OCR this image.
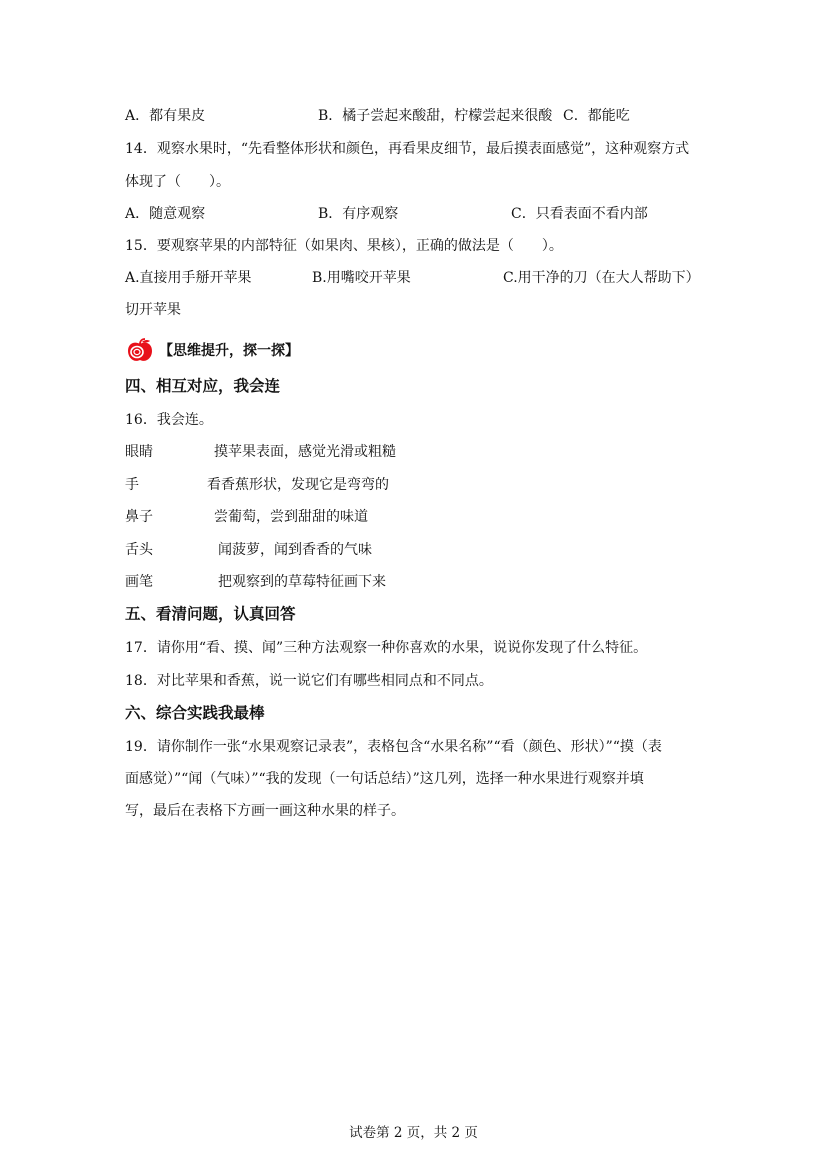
A．都有果皮	B．橘子尝起来酸甜，柠檬尝起来很酸 C．都能吃
14．观察水果时，“先看整体形状和颜色，再看果皮细节，最后摸表面感觉”，这种观察方式
体现了（　　）。
A．随意观察	B．有序观察	C．只看表面不看内部
15．要观察苹果的内部特征（如果肉、果核），正确的做法是（　　）。
A.直接用手掰开苹果	B.用嘴咬开苹果	C.用干净的刀（在大人帮助下）
切开苹果
【思维提升，探一探】
四、相互对应，我会连
16．我会连。
眼睛	摸苹果表面，感觉光滑或粗糙
手	看香蕉形状，发现它是弯弯的
鼻子	尝葡萄，尝到甜甜的味道
舌头	闻菠萝，闻到香香的气味
画笔	把观察到的草莓特征画下来
五、看清问题，认真回答
17．请你用“看、摸、闻”三种方法观察一种你喜欢的水果，说说你发现了什么特征。
18．对比苹果和香蕉，说一说它们有哪些相同点和不同点。
六、综合实践我最棒
19．请你制作一张“水果观察记录表”，表格包含“水果名称”“看（颜色、形状）”“摸（表
面感觉）”“闻（气味）”“我的发现（一句话总结）”这几列，选择一种水果进行观察并填
写，最后在表格下方画一画这种水果的样子。
试卷第 2 页，共 2 页
